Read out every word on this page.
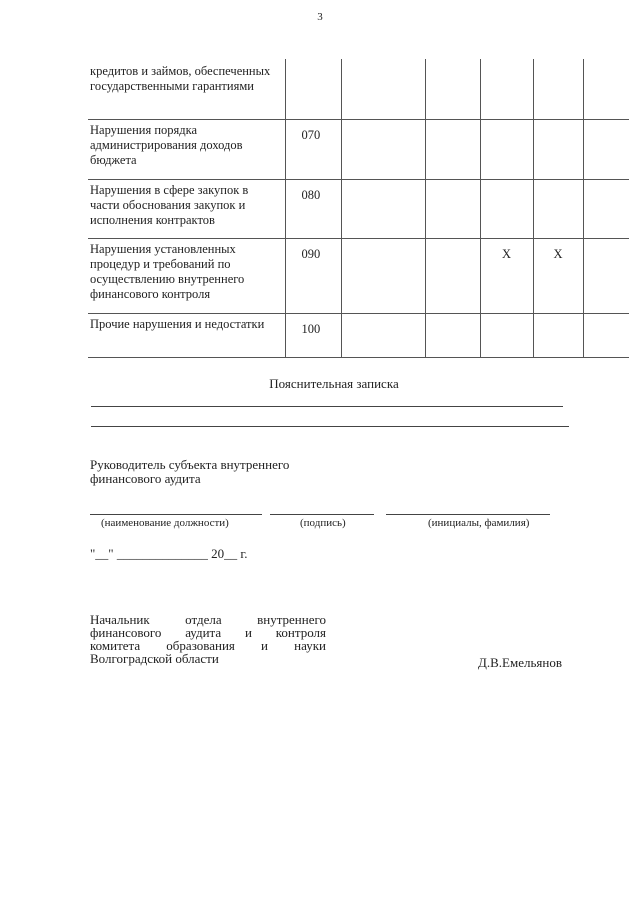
3
кредитов и займов, обеспеченных государственными гарантиями						
Нарушения порядка администрирования доходов бюджета	070					
Нарушения в сфере закупок в части обоснования закупок и исполнения контрактов	080					
Нарушения установленных процедур и требований по осуществлению внутреннего финансового контроля	090			X	X	
Прочие нарушения и недостатки	100					
Пояснительная записка
Руководитель субъекта внутреннего финансового аудита
(наименование должности)	(подпись)	(инициалы, фамилия)
"__" ______________ 20__ г.
Начальник отдела внутреннего
финансового аудита и контроля
комитета образования и науки
Волгоградской области	Д.В.Емельянов
